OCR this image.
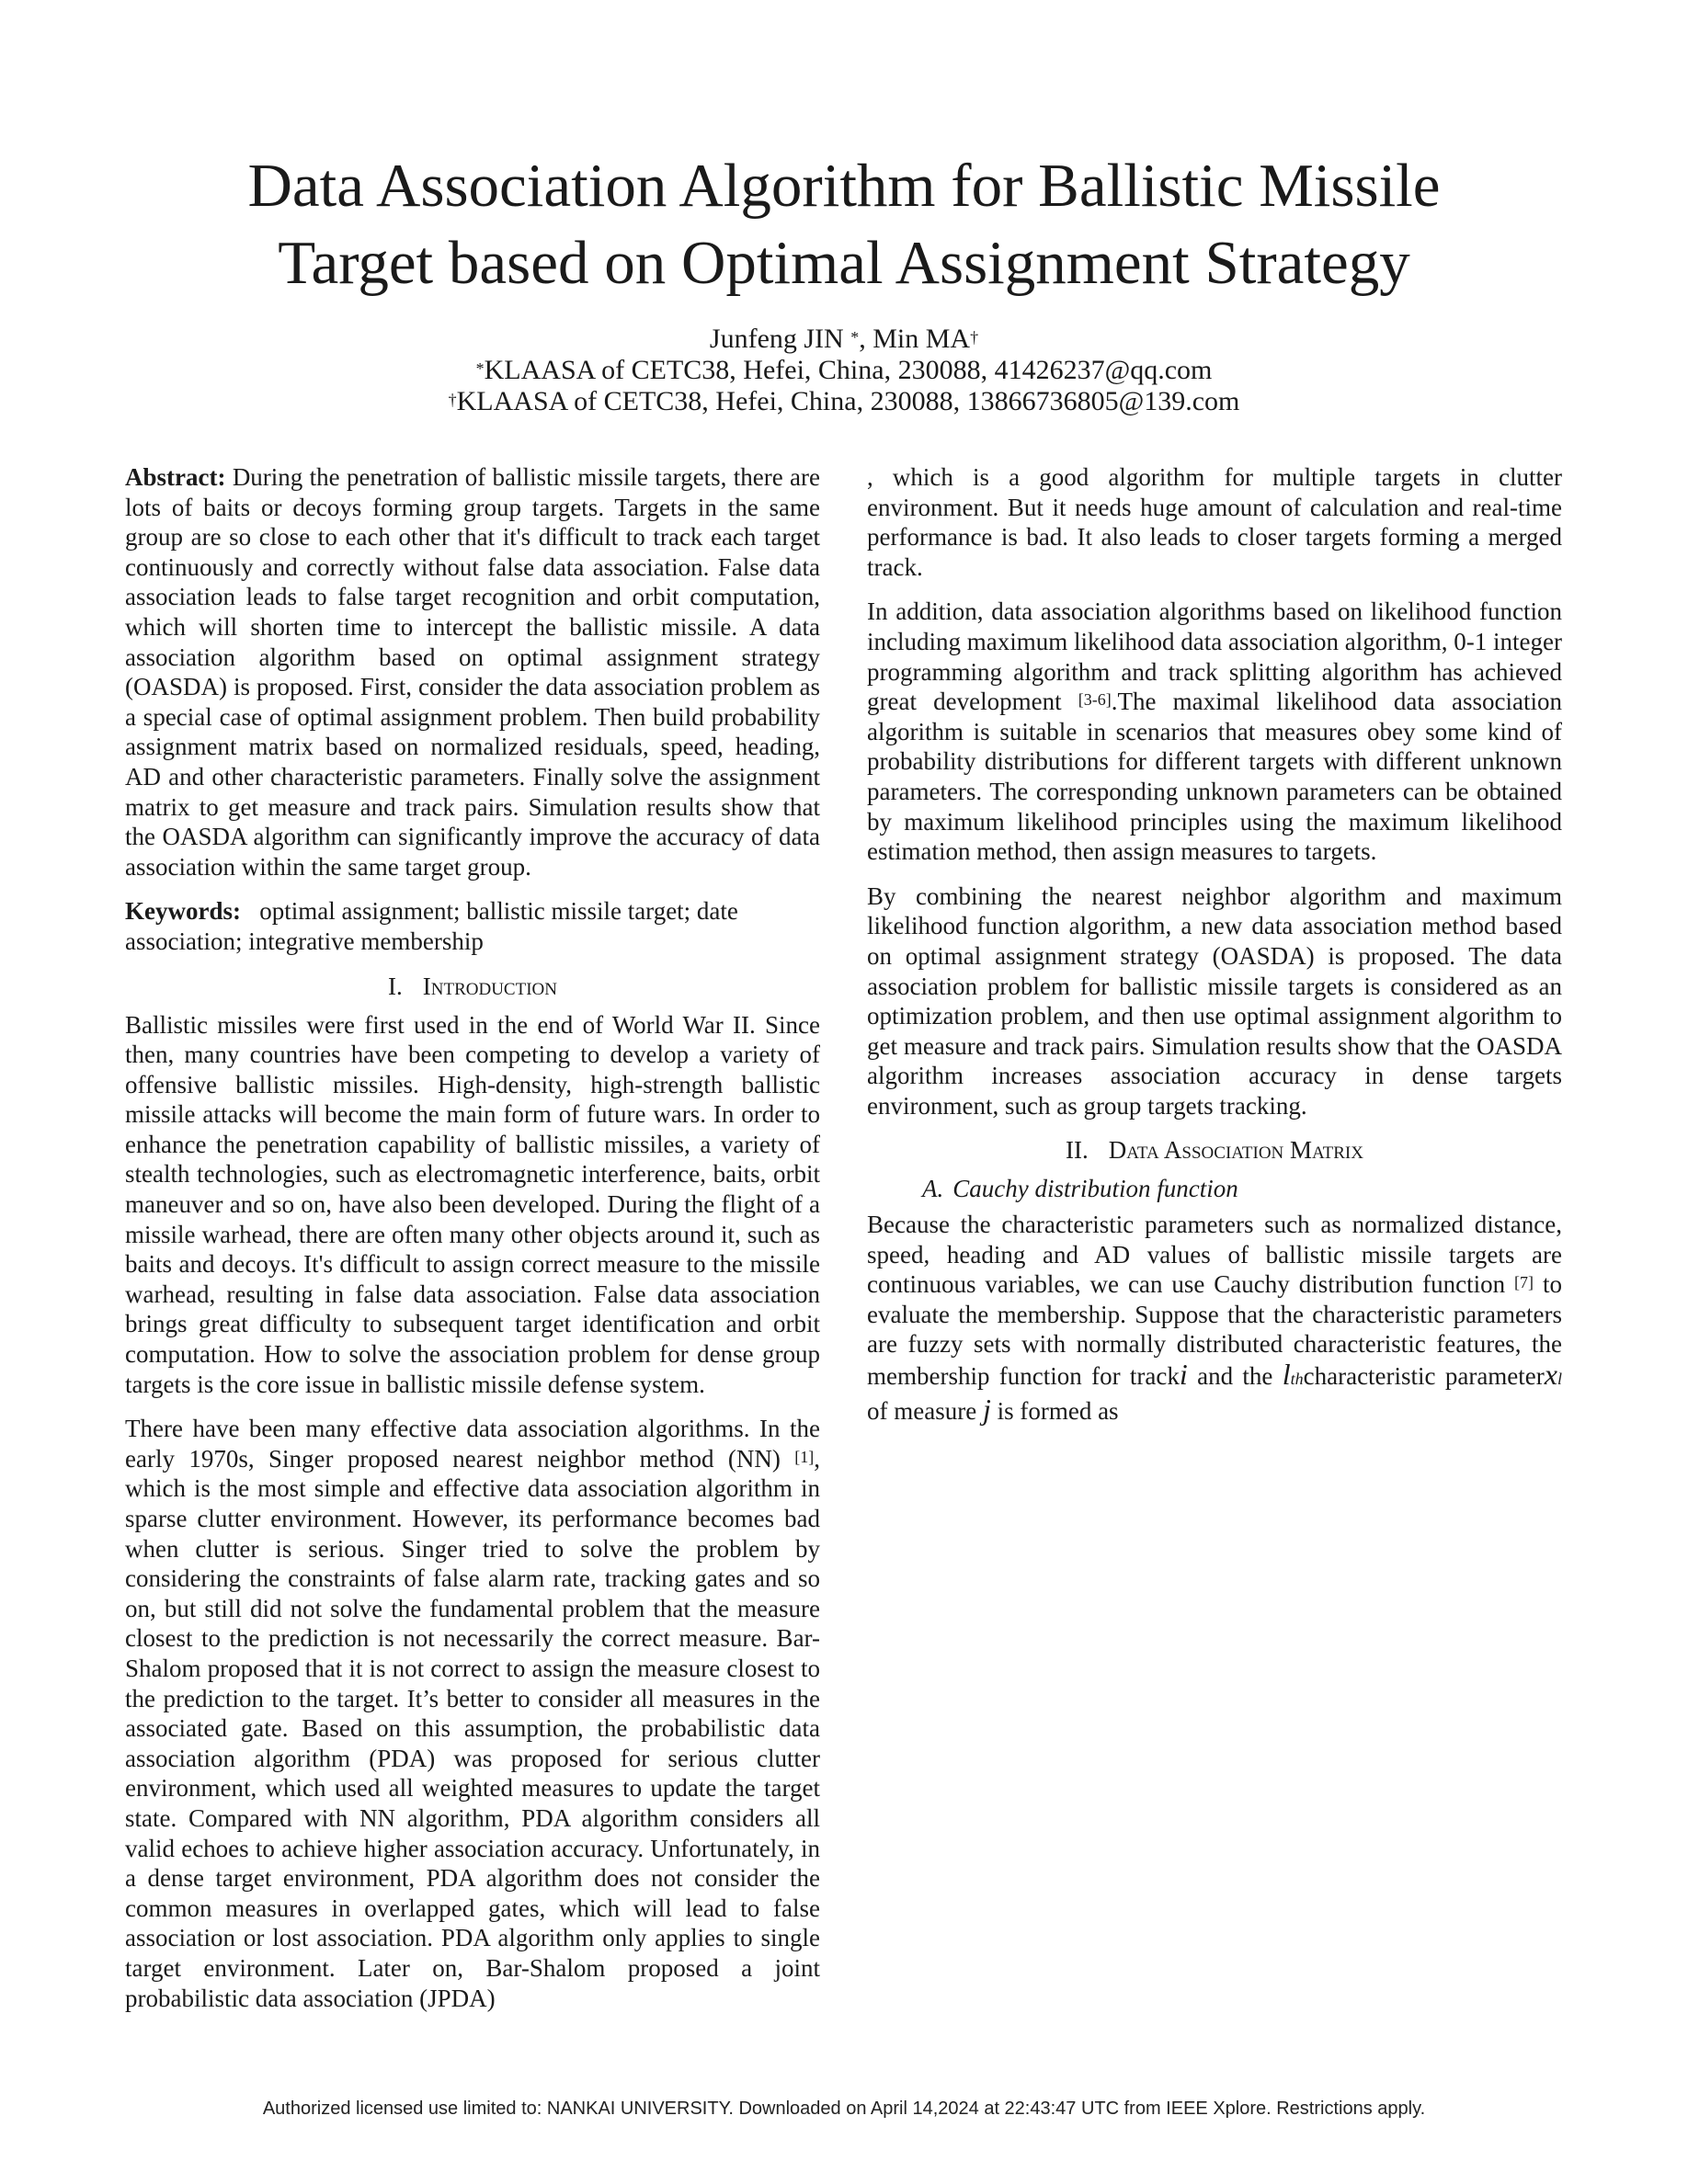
Data Association Algorithm for Ballistic Missile
Target based on Optimal Assignment Strategy
Junfeng JIN *, Min MA†
*KLAASA of CETC38, Hefei, China, 230088, 41426237@qq.com
†KLAASA of CETC38, Hefei, China, 230088, 13866736805@139.com

Abstract: During the penetration of ballistic missile targets, there are lots of baits or decoys forming group targets. Targets in the same group are so close to each other that it's difficult to track each target continuously and correctly without false data association. False data association leads to false target recognition and orbit computation, which will shorten time to intercept the ballistic missile. A data association algorithm based on optimal assignment strategy (OASDA) is proposed. First, consider the data association problem as a special case of optimal assignment problem. Then build probability assignment matrix based on normalized residuals, speed, heading, AD and other characteristic parameters. Finally solve the assignment matrix to get measure and track pairs. Simulation results show that the OASDA algorithm can significantly improve the accuracy of data association within the same target group.

Keywords: optimal assignment; ballistic missile target; date association; integrative membership

I. Introduction

Ballistic missiles were first used in the end of World War II. Since then, many countries have been competing to develop a variety of offensive ballistic missiles. High-density, high-strength ballistic missile attacks will become the main form of future wars. In order to enhance the penetration capability of ballistic missiles, a variety of stealth technologies, such as electromagnetic interference, baits, orbit maneuver and so on, have also been developed. During the flight of a missile warhead, there are often many other objects around it, such as baits and decoys. It's difficult to assign correct measure to the missile warhead, resulting in false data association. False data association brings great difficulty to subsequent target identification and orbit computation. How to solve the association problem for dense group targets is the core issue in ballistic missile defense system.

There have been many effective data association algorithms. In the early 1970s, Singer proposed nearest neighbor method (NN) [1], which is the most simple and effective data association algorithm in sparse clutter environment. However, its performance becomes bad when clutter is serious. Singer tried to solve the problem by considering the constraints of false alarm rate, tracking gates and so on, but still did not solve the fundamental problem that the measure closest to the prediction is not necessarily the correct measure. Bar-Shalom proposed that it is not correct to assign the measure closest to the prediction to the target. It’s better to consider all measures in the associated gate. Based on this assumption, the probabilistic data association algorithm (PDA) was proposed for serious clutter environment, which used all weighted measures to update the target state. Compared with NN algorithm, PDA algorithm considers all valid echoes to achieve higher association accuracy. Unfortunately, in a dense target environment, PDA algorithm does not consider the common measures in overlapped gates, which will lead to false association or lost association. PDA algorithm only applies to single target environment. Later on, Bar-Shalom proposed a joint probabilistic data association (JPDA)

, which is a good algorithm for multiple targets in clutter environment. But it needs huge amount of calculation and real-time performance is bad. It also leads to closer targets forming a merged track.

In addition, data association algorithms based on likelihood function including maximum likelihood data association algorithm, 0-1 integer programming algorithm and track splitting algorithm has achieved great development [3-6].The maximal likelihood data association algorithm is suitable in scenarios that measures obey some kind of probability distributions for different targets with different unknown parameters. The corresponding unknown parameters can be obtained by maximum likelihood principles using the maximum likelihood estimation method, then assign measures to targets.

By combining the nearest neighbor algorithm and maximum likelihood function algorithm, a new data association method based on optimal assignment strategy (OASDA) is proposed. The data association problem for ballistic missile targets is considered as an optimization problem, and then use optimal assignment algorithm to get measure and track pairs. Simulation results show that the OASDA algorithm increases association accuracy in dense targets environment, such as group targets tracking.

II. Data Association Matrix
A. Cauchy distribution function

Because the characteristic parameters such as normalized distance, speed, heading and AD values of ballistic missile targets are continuous variables, we can use Cauchy distribution function [7] to evaluate the membership. Suppose that the characteristic parameters are fuzzy sets with normally distributed characteristic features, the membership function for tracki and the lthcharacteristic parameterxl of measure j is formed as

Authorized licensed use limited to: NANKAI UNIVERSITY. Downloaded on April 14,2024 at 22:43:47 UTC from IEEE Xplore. Restrictions apply.
